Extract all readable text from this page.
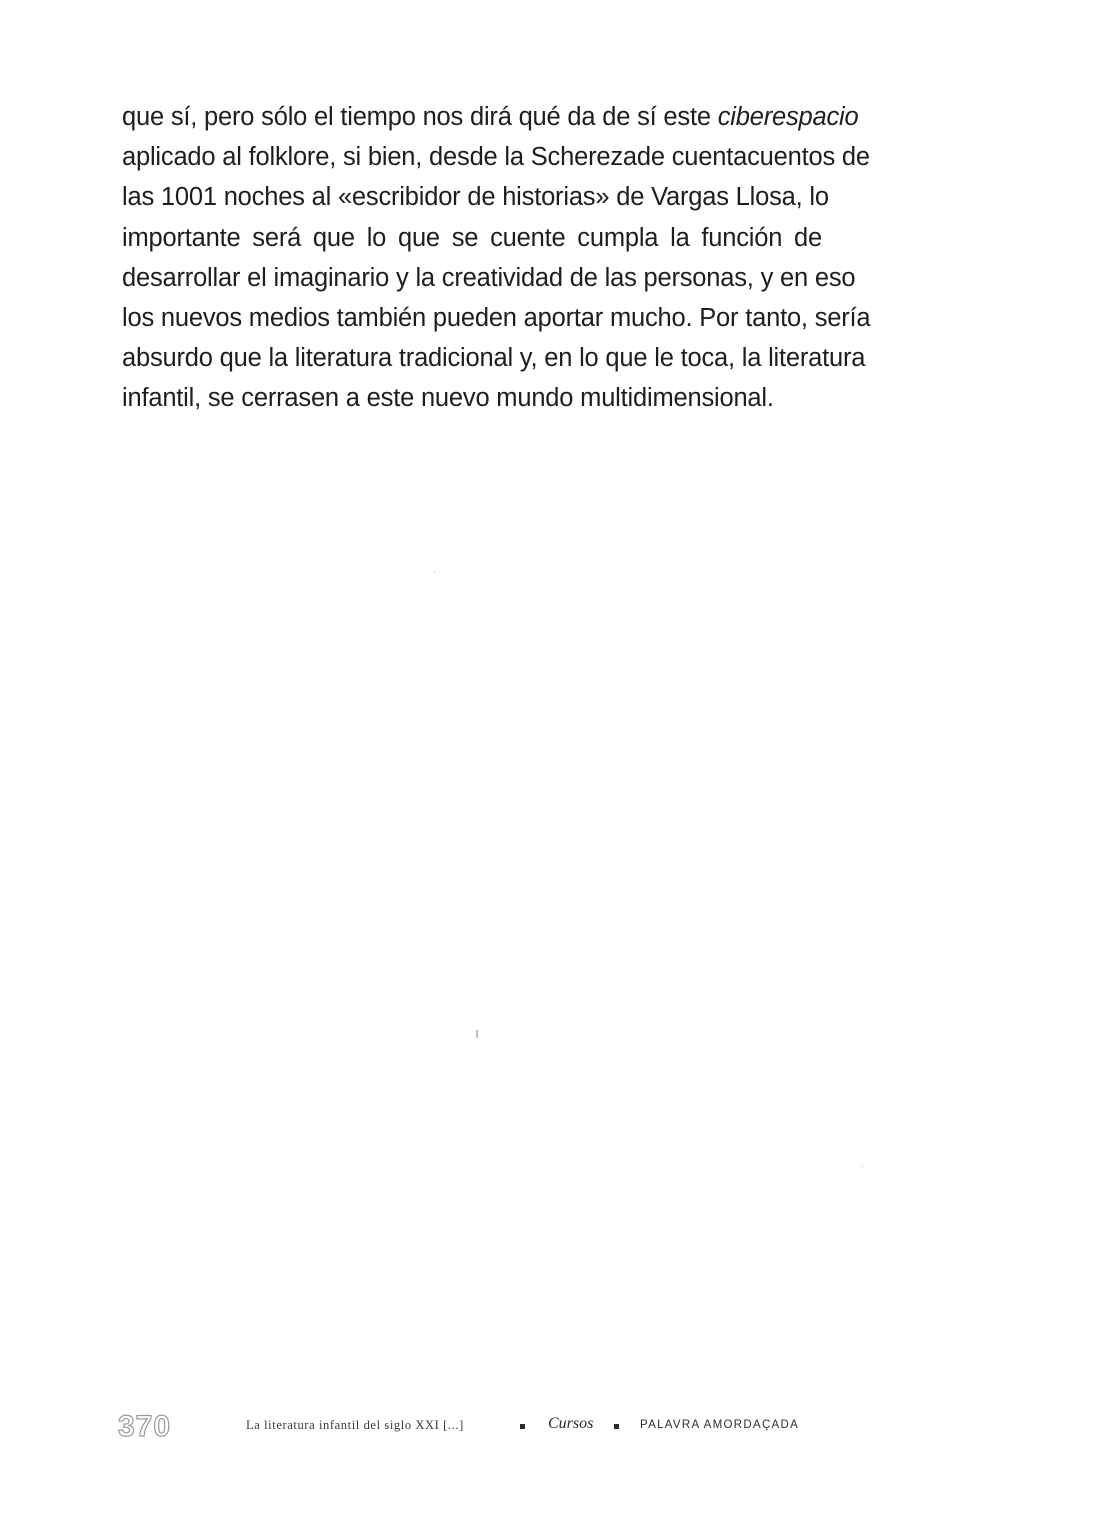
que sí, pero sólo el tiempo nos dirá qué da de sí este ciberespacio
aplicado al folklore, si bien, desde la Scherezade cuentacuentos de
las 1001 noches al «escribidor de historias» de Vargas Llosa, lo
importante será que lo que se cuente cumpla la función de
desarrollar el imaginario y la creatividad de las personas, y en eso
los nuevos medios también pueden aportar mucho. Por tanto, sería
absurdo que la literatura tradicional y, en lo que le toca, la literatura
infantil, se cerrasen a este nuevo mundo multidimensional.
370	La literatura infantil del siglo XXI [...]	Cursos	PALAVRA AMORDAÇADA
